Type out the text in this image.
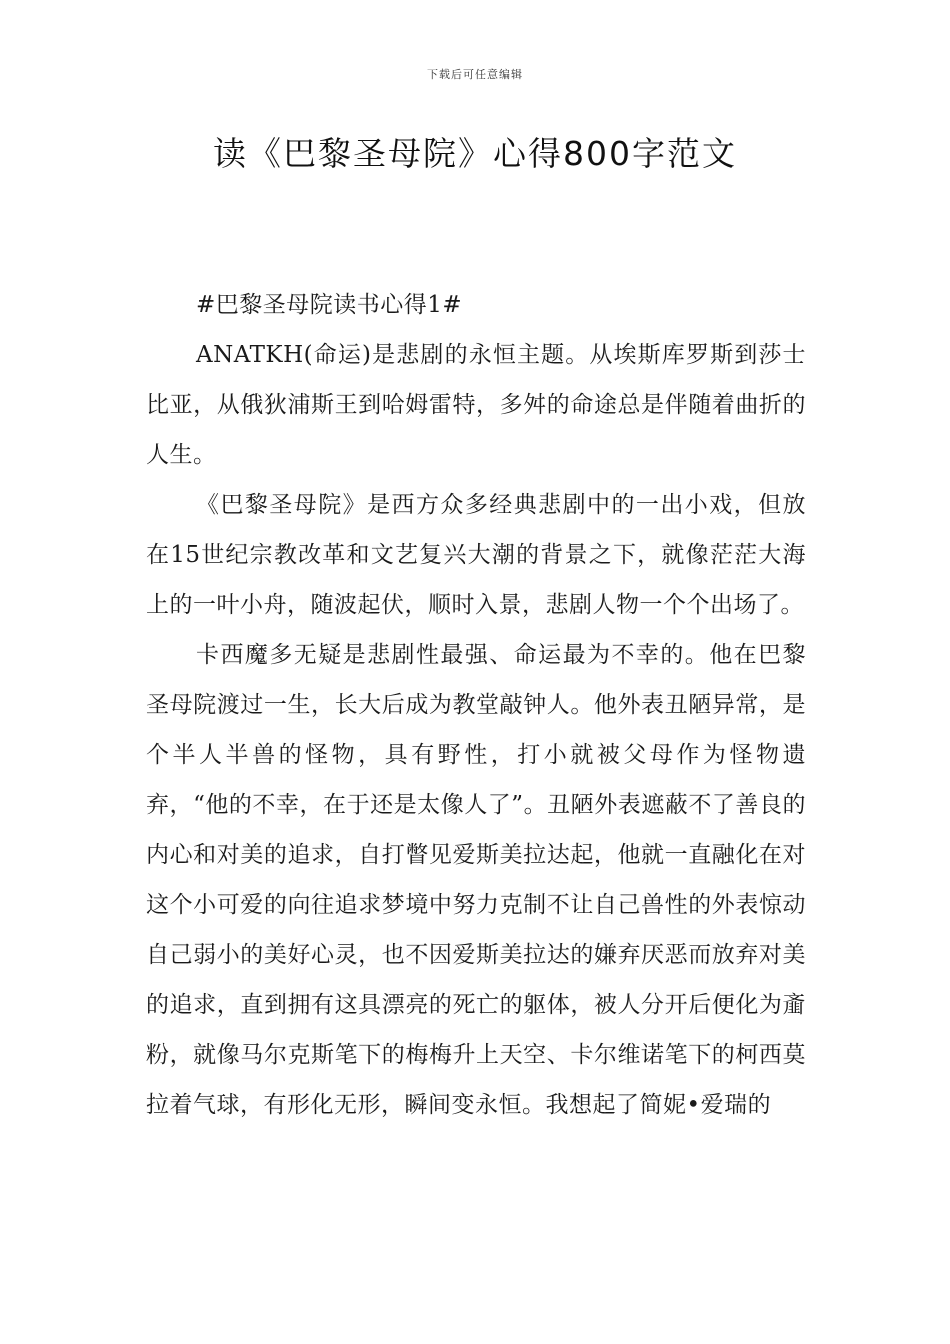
下载后可任意编辑
读《巴黎圣母院》心得800字范文

#巴黎圣母院读书心得1#

ANATKH(命运)是悲剧的永恒主题。从埃斯库罗斯到莎士比亚，从俄狄浦斯王到哈姆雷特，多舛的命途总是伴随着曲折的人生。

《巴黎圣母院》是西方众多经典悲剧中的一出小戏，但放在15世纪宗教改革和文艺复兴大潮的背景之下，就像茫茫大海上的一叶小舟，随波起伏，顺时入景，悲剧人物一个个出场了。

卡西魔多无疑是悲剧性最强、命运最为不幸的。他在巴黎圣母院渡过一生，长大后成为教堂敲钟人。他外表丑陋异常，是个半人半兽的怪物，具有野性，打小就被父母作为怪物遗弃，“他的不幸，在于还是太像人了”。丑陋外表遮蔽不了善良的内心和对美的追求，自打瞥见爱斯美拉达起，他就一直融化在对这个小可爱的向往追求梦境中努力克制不让自己兽性的外表惊动自己弱小的美好心灵，也不因爱斯美拉达的嫌弃厌恶而放弃对美的追求，直到拥有这具漂亮的死亡的躯体，被人分开后便化为齑粉，就像马尔克斯笔下的梅梅升上天空、卡尔维诺笔下的柯西莫拉着气球，有形化无形，瞬间变永恒。我想起了简妮•爱瑞的
